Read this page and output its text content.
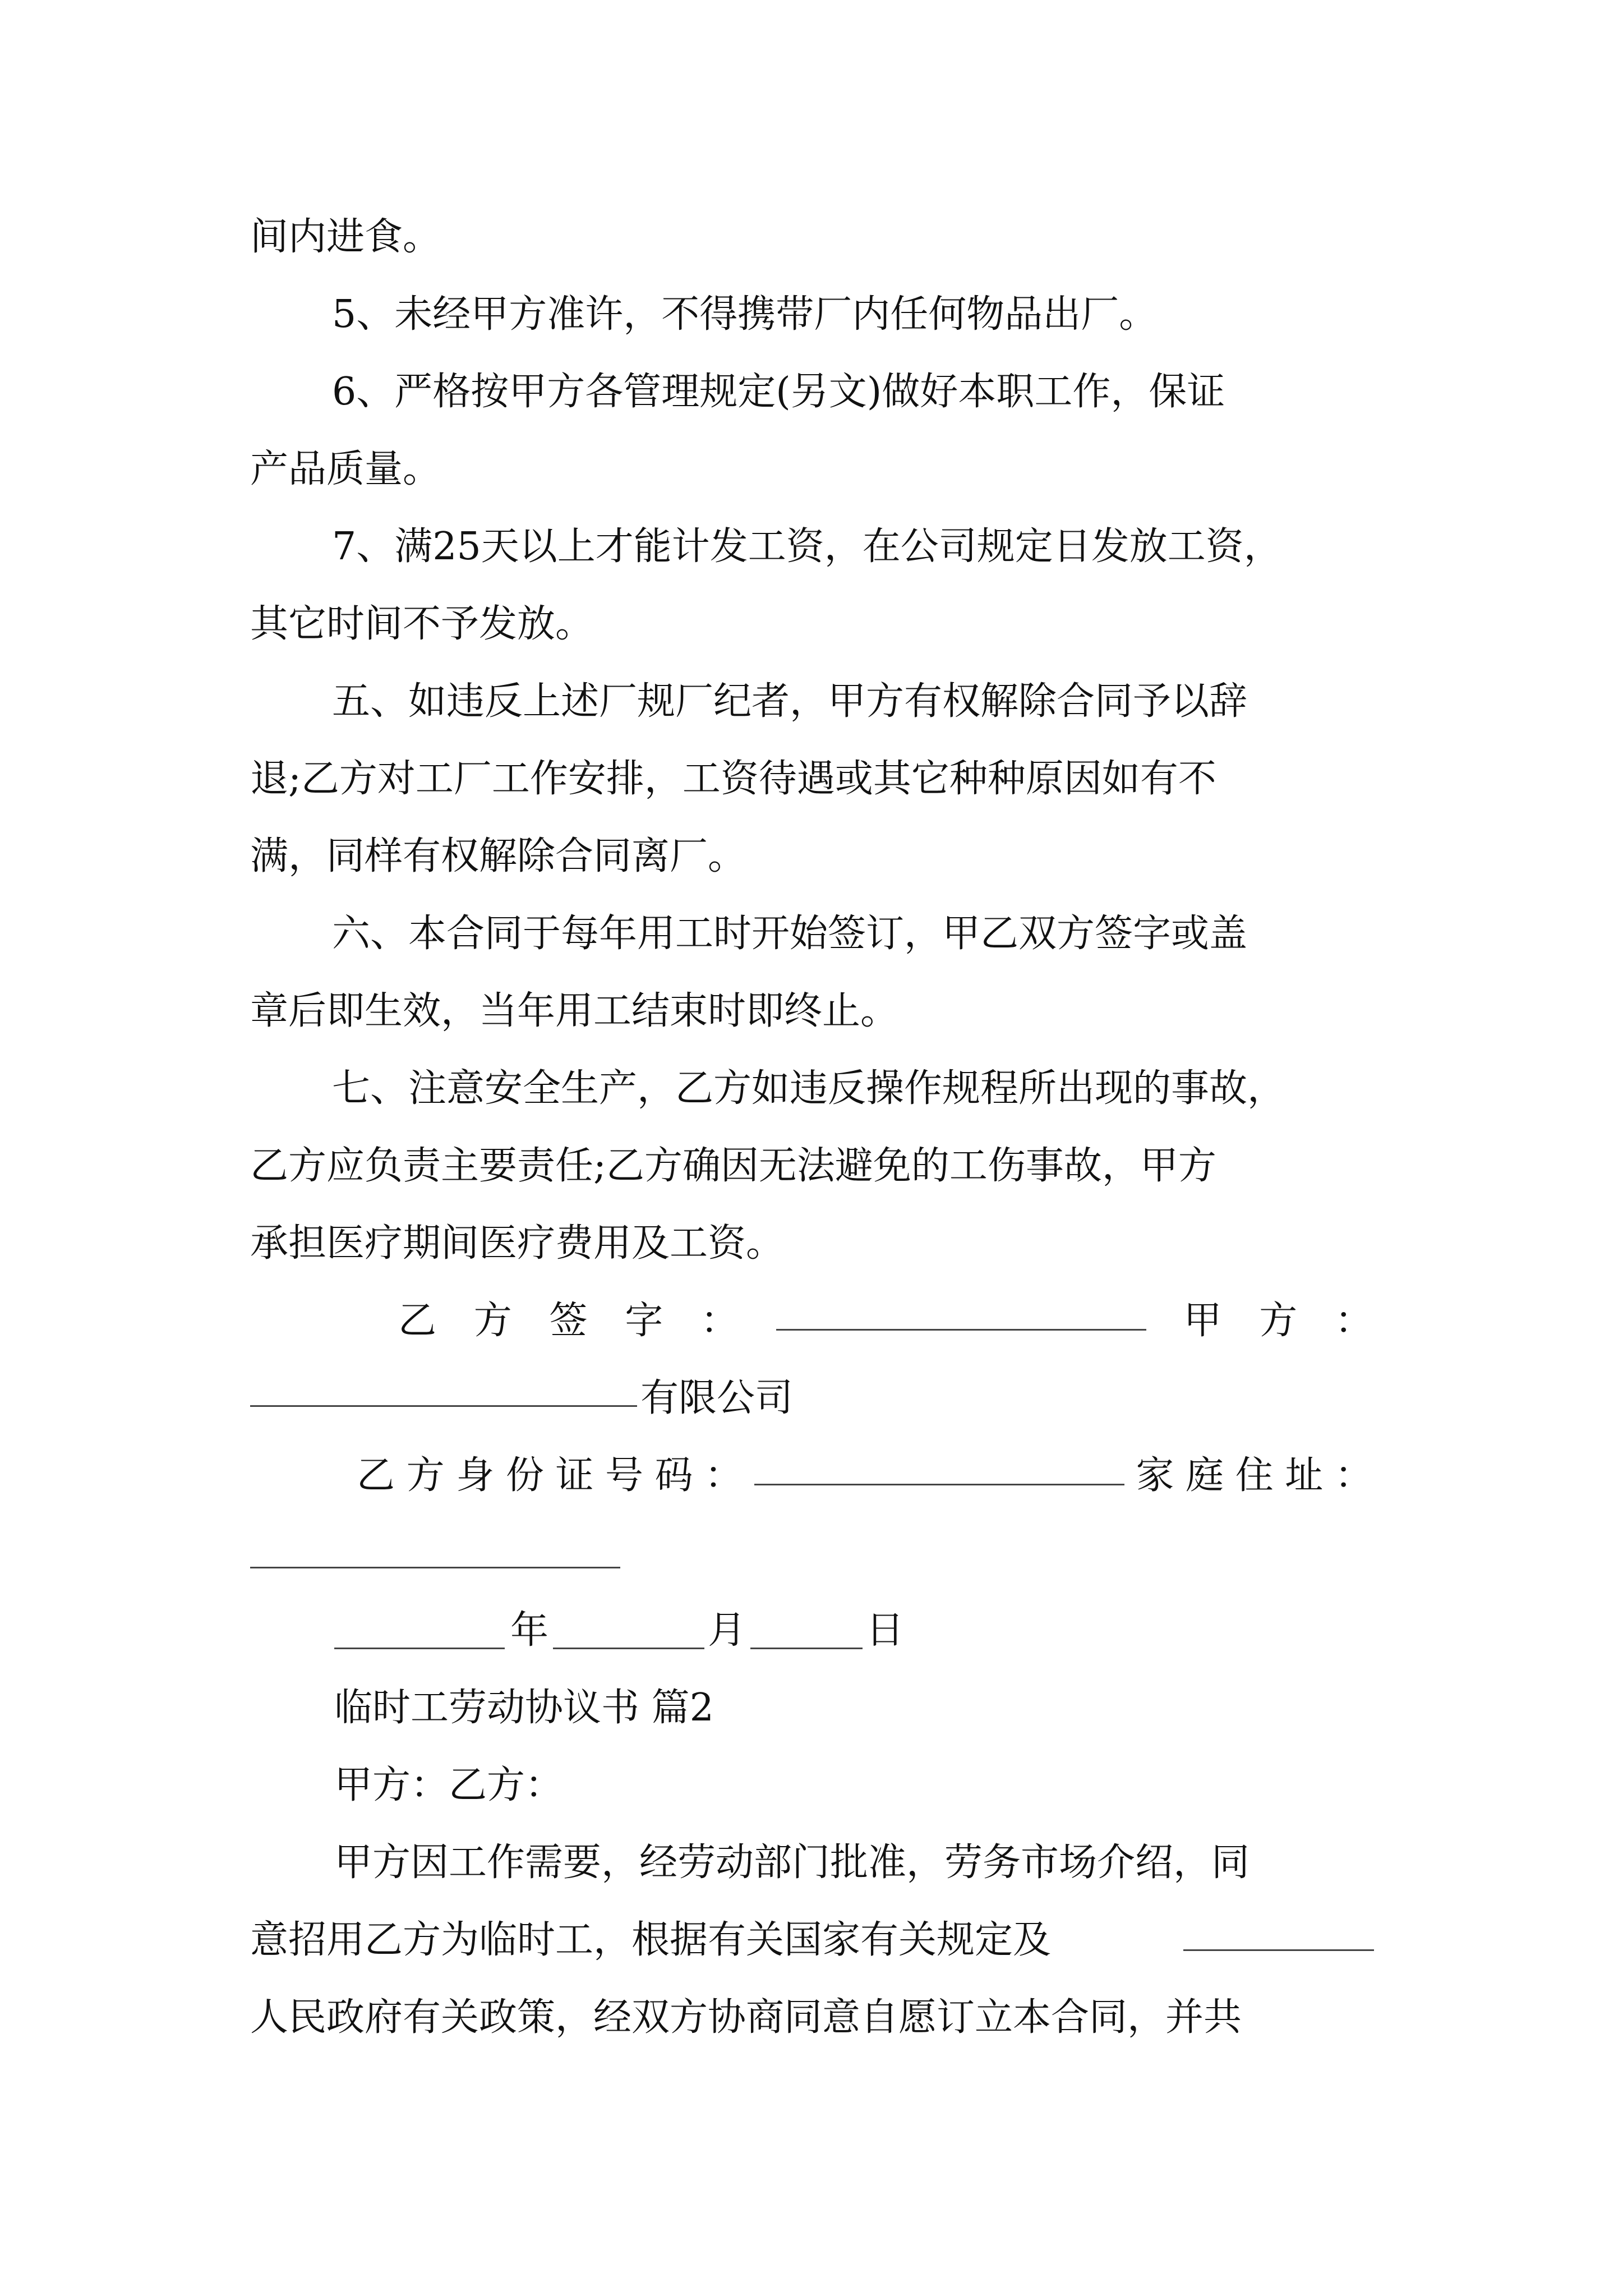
间内进食。
5、未经甲方准许，不得携带厂内任何物品出厂。
6、严格按甲方各管理规定(另文)做好本职工作，保证
产品质量。
7、满25天以上才能计发工资，在公司规定日发放工资，
其它时间不予发放。
五、如违反上述厂规厂纪者，甲方有权解除合同予以辞
退;乙方对工厂工作安排，工资待遇或其它种种原因如有不
满，同样有权解除合同离厂。
六、本合同于每年用工时开始签订，甲乙双方签字或盖
章后即生效，当年用工结束时即终止。
七、注意安全生产，乙方如违反操作规程所出现的事故，
乙方应负责主要责任;乙方确因无法避免的工伤事故，甲方
承担医疗期间医疗费用及工资。
乙 方 签 字 ：	甲 方 ：
有限公司
乙 方 身 份 证 号 码 ：	家 庭 住 址 ：
年	月	日
临时工劳动协议书 篇2
甲方：乙方：
甲方因工作需要，经劳动部门批准，劳务市场介绍，同
意招用乙方为临时工，根据有关国家有关规定及
人民政府有关政策，经双方协商同意自愿订立本合同，并共
